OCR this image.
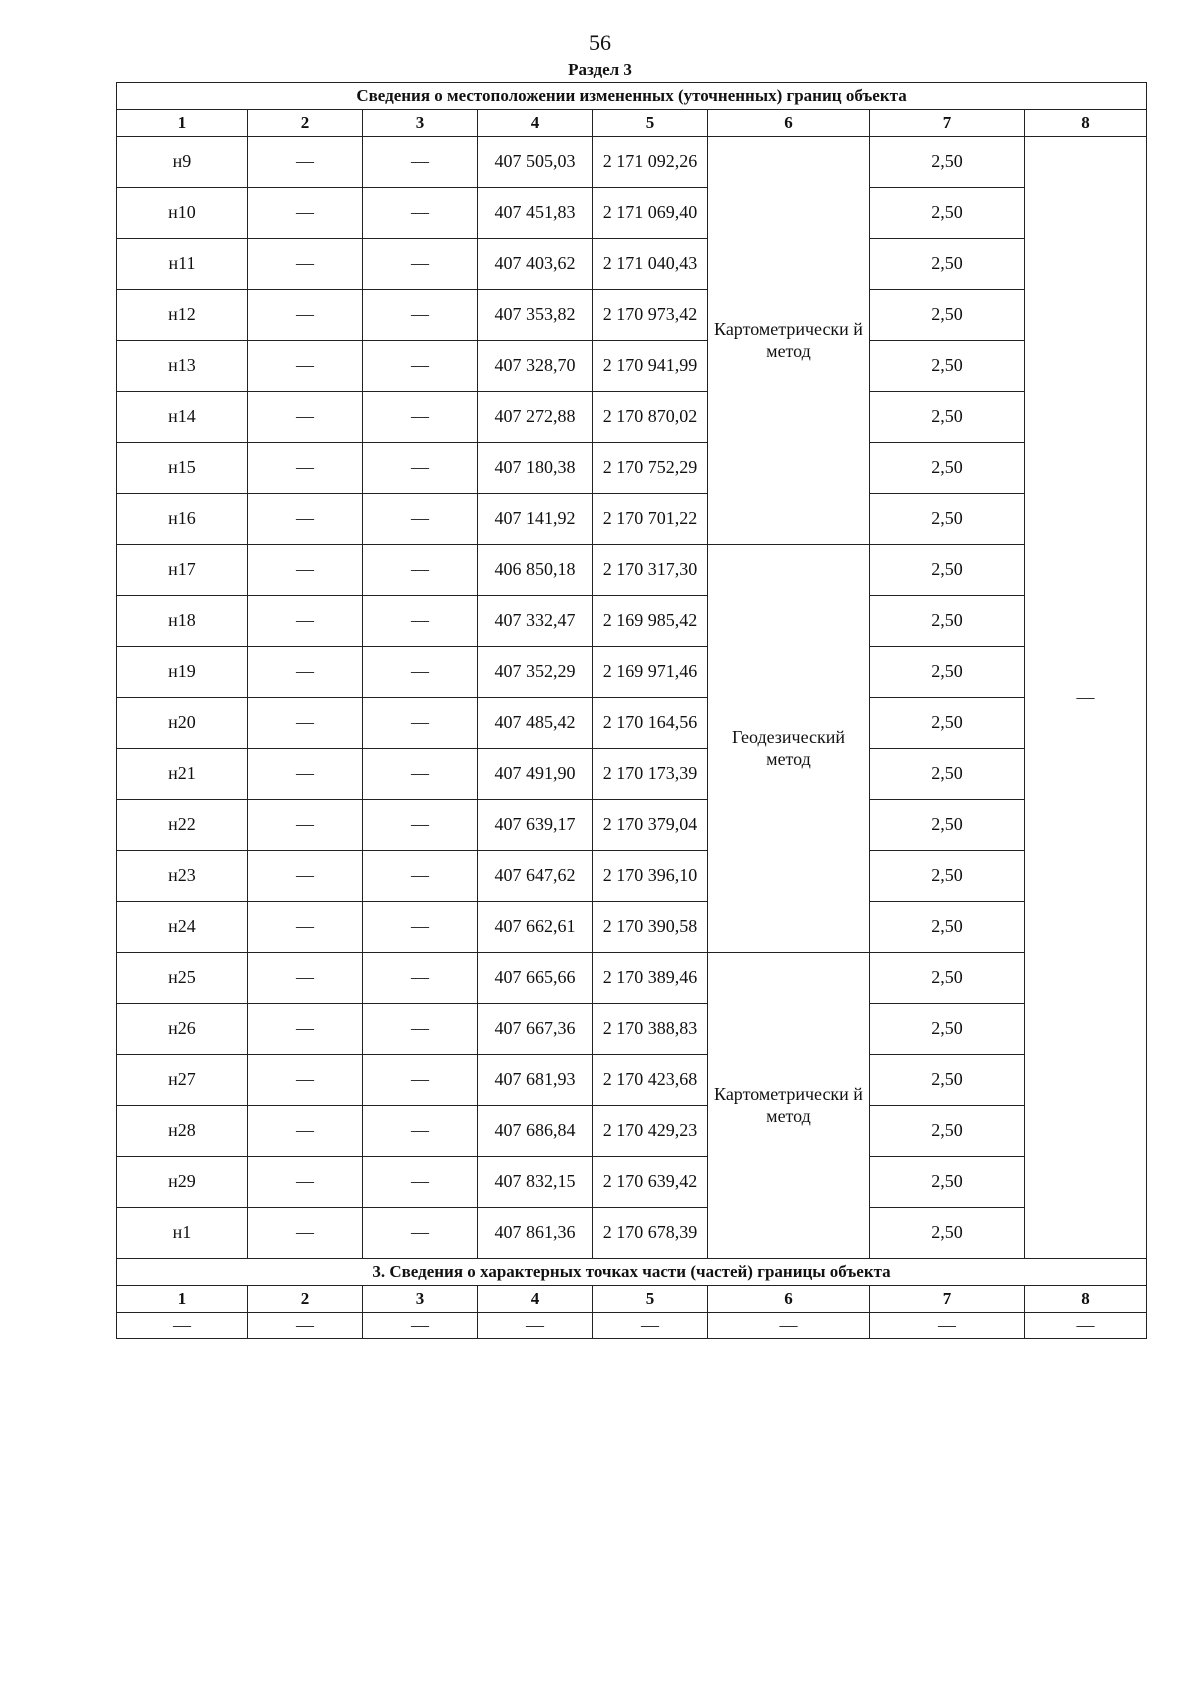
56
Раздел 3
Сведения о местоположении измененных (уточненных) границ объекта							
1	2	3	4	5	6	7	8
н9	—	—	407 505,03	2 171 092,26	Картометрически й метод	2,50	—
н10	—	—	407 451,83	2 171 069,40		2,50	
н11	—	—	407 403,62	2 171 040,43		2,50	
н12	—	—	407 353,82	2 170 973,42		2,50	
н13	—	—	407 328,70	2 170 941,99		2,50	
н14	—	—	407 272,88	2 170 870,02		2,50	
н15	—	—	407 180,38	2 170 752,29		2,50	
н16	—	—	407 141,92	2 170 701,22		2,50	
н17	—	—	406 850,18	2 170 317,30	Геодезический метод	2,50	
н18	—	—	407 332,47	2 169 985,42		2,50	
н19	—	—	407 352,29	2 169 971,46		2,50	
н20	—	—	407 485,42	2 170 164,56		2,50	
н21	—	—	407 491,90	2 170 173,39		2,50	
н22	—	—	407 639,17	2 170 379,04		2,50	
н23	—	—	407 647,62	2 170 396,10		2,50	
н24	—	—	407 662,61	2 170 390,58		2,50	
н25	—	—	407 665,66	2 170 389,46	Картометрически й метод	2,50	
н26	—	—	407 667,36	2 170 388,83		2,50	
н27	—	—	407 681,93	2 170 423,68		2,50	
н28	—	—	407 686,84	2 170 429,23		2,50	
н29	—	—	407 832,15	2 170 639,42		2,50	
н1	—	—	407 861,36	2 170 678,39		2,50	
3. Сведения о характерных точках части (частей) границы объекта							
1	2	3	4	5	6	7	8
—	—	—	—	—	—	—	—
